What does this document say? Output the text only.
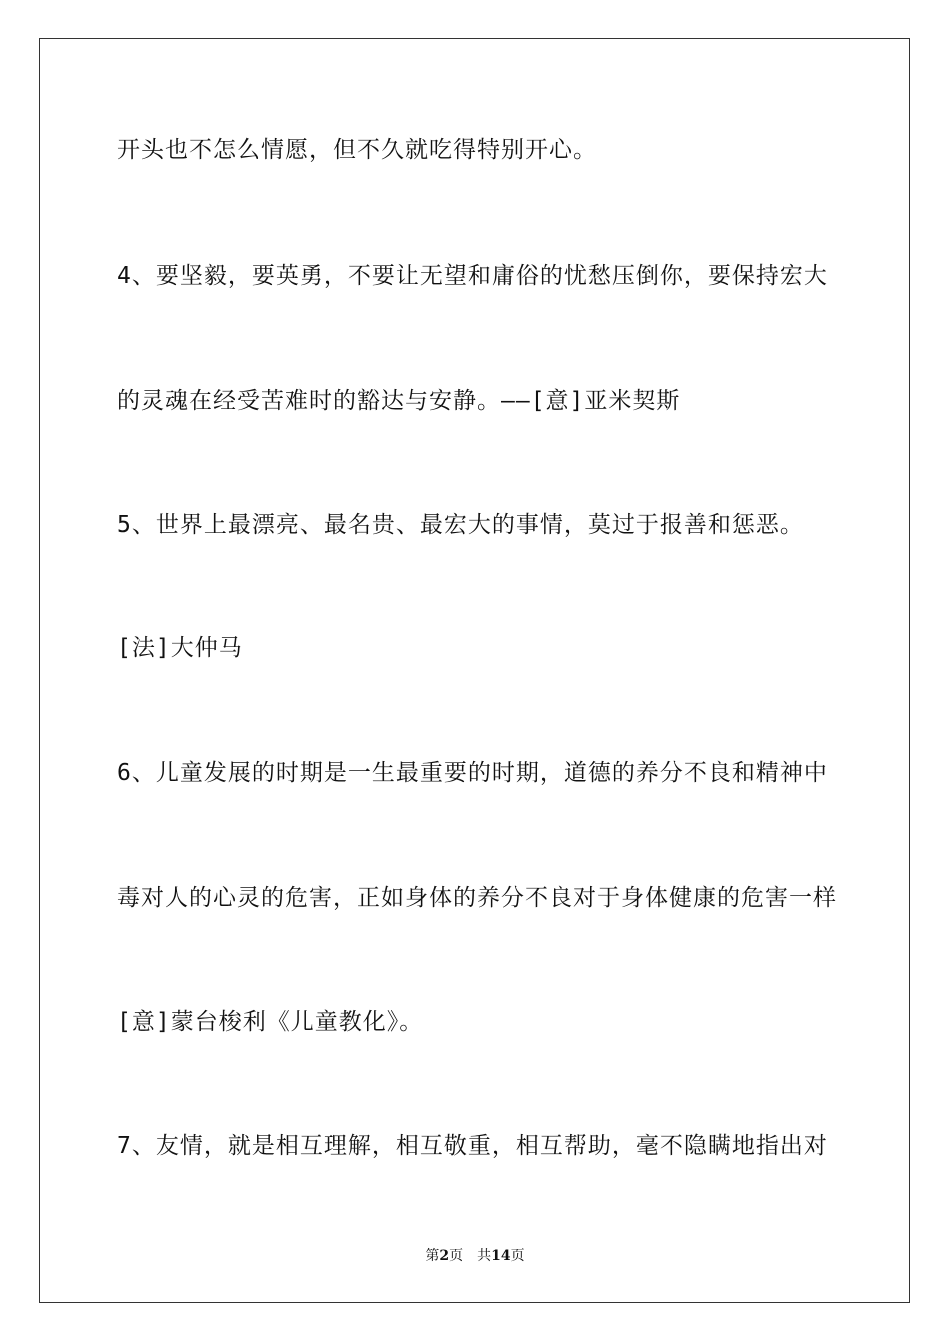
开头也不怎么情愿，但不久就吃得特别开心。
4、要坚毅，要英勇，不要让无望和庸俗的忧愁压倒你，要保持宏大
的灵魂在经受苦难时的豁达与安静。——[意]亚米契斯
5、世界上最漂亮、最名贵、最宏大的事情，莫过于报善和惩恶。
[法]大仲马
6、儿童发展的时期是一生最重要的时期，道德的养分不良和精神中
毒对人的心灵的危害，正如身体的养分不良对于身体健康的危害一样
[意]蒙台梭利《儿童教化》。
7、友情，就是相互理解，相互敬重，相互帮助，毫不隐瞒地指出对
第2页 共14页
